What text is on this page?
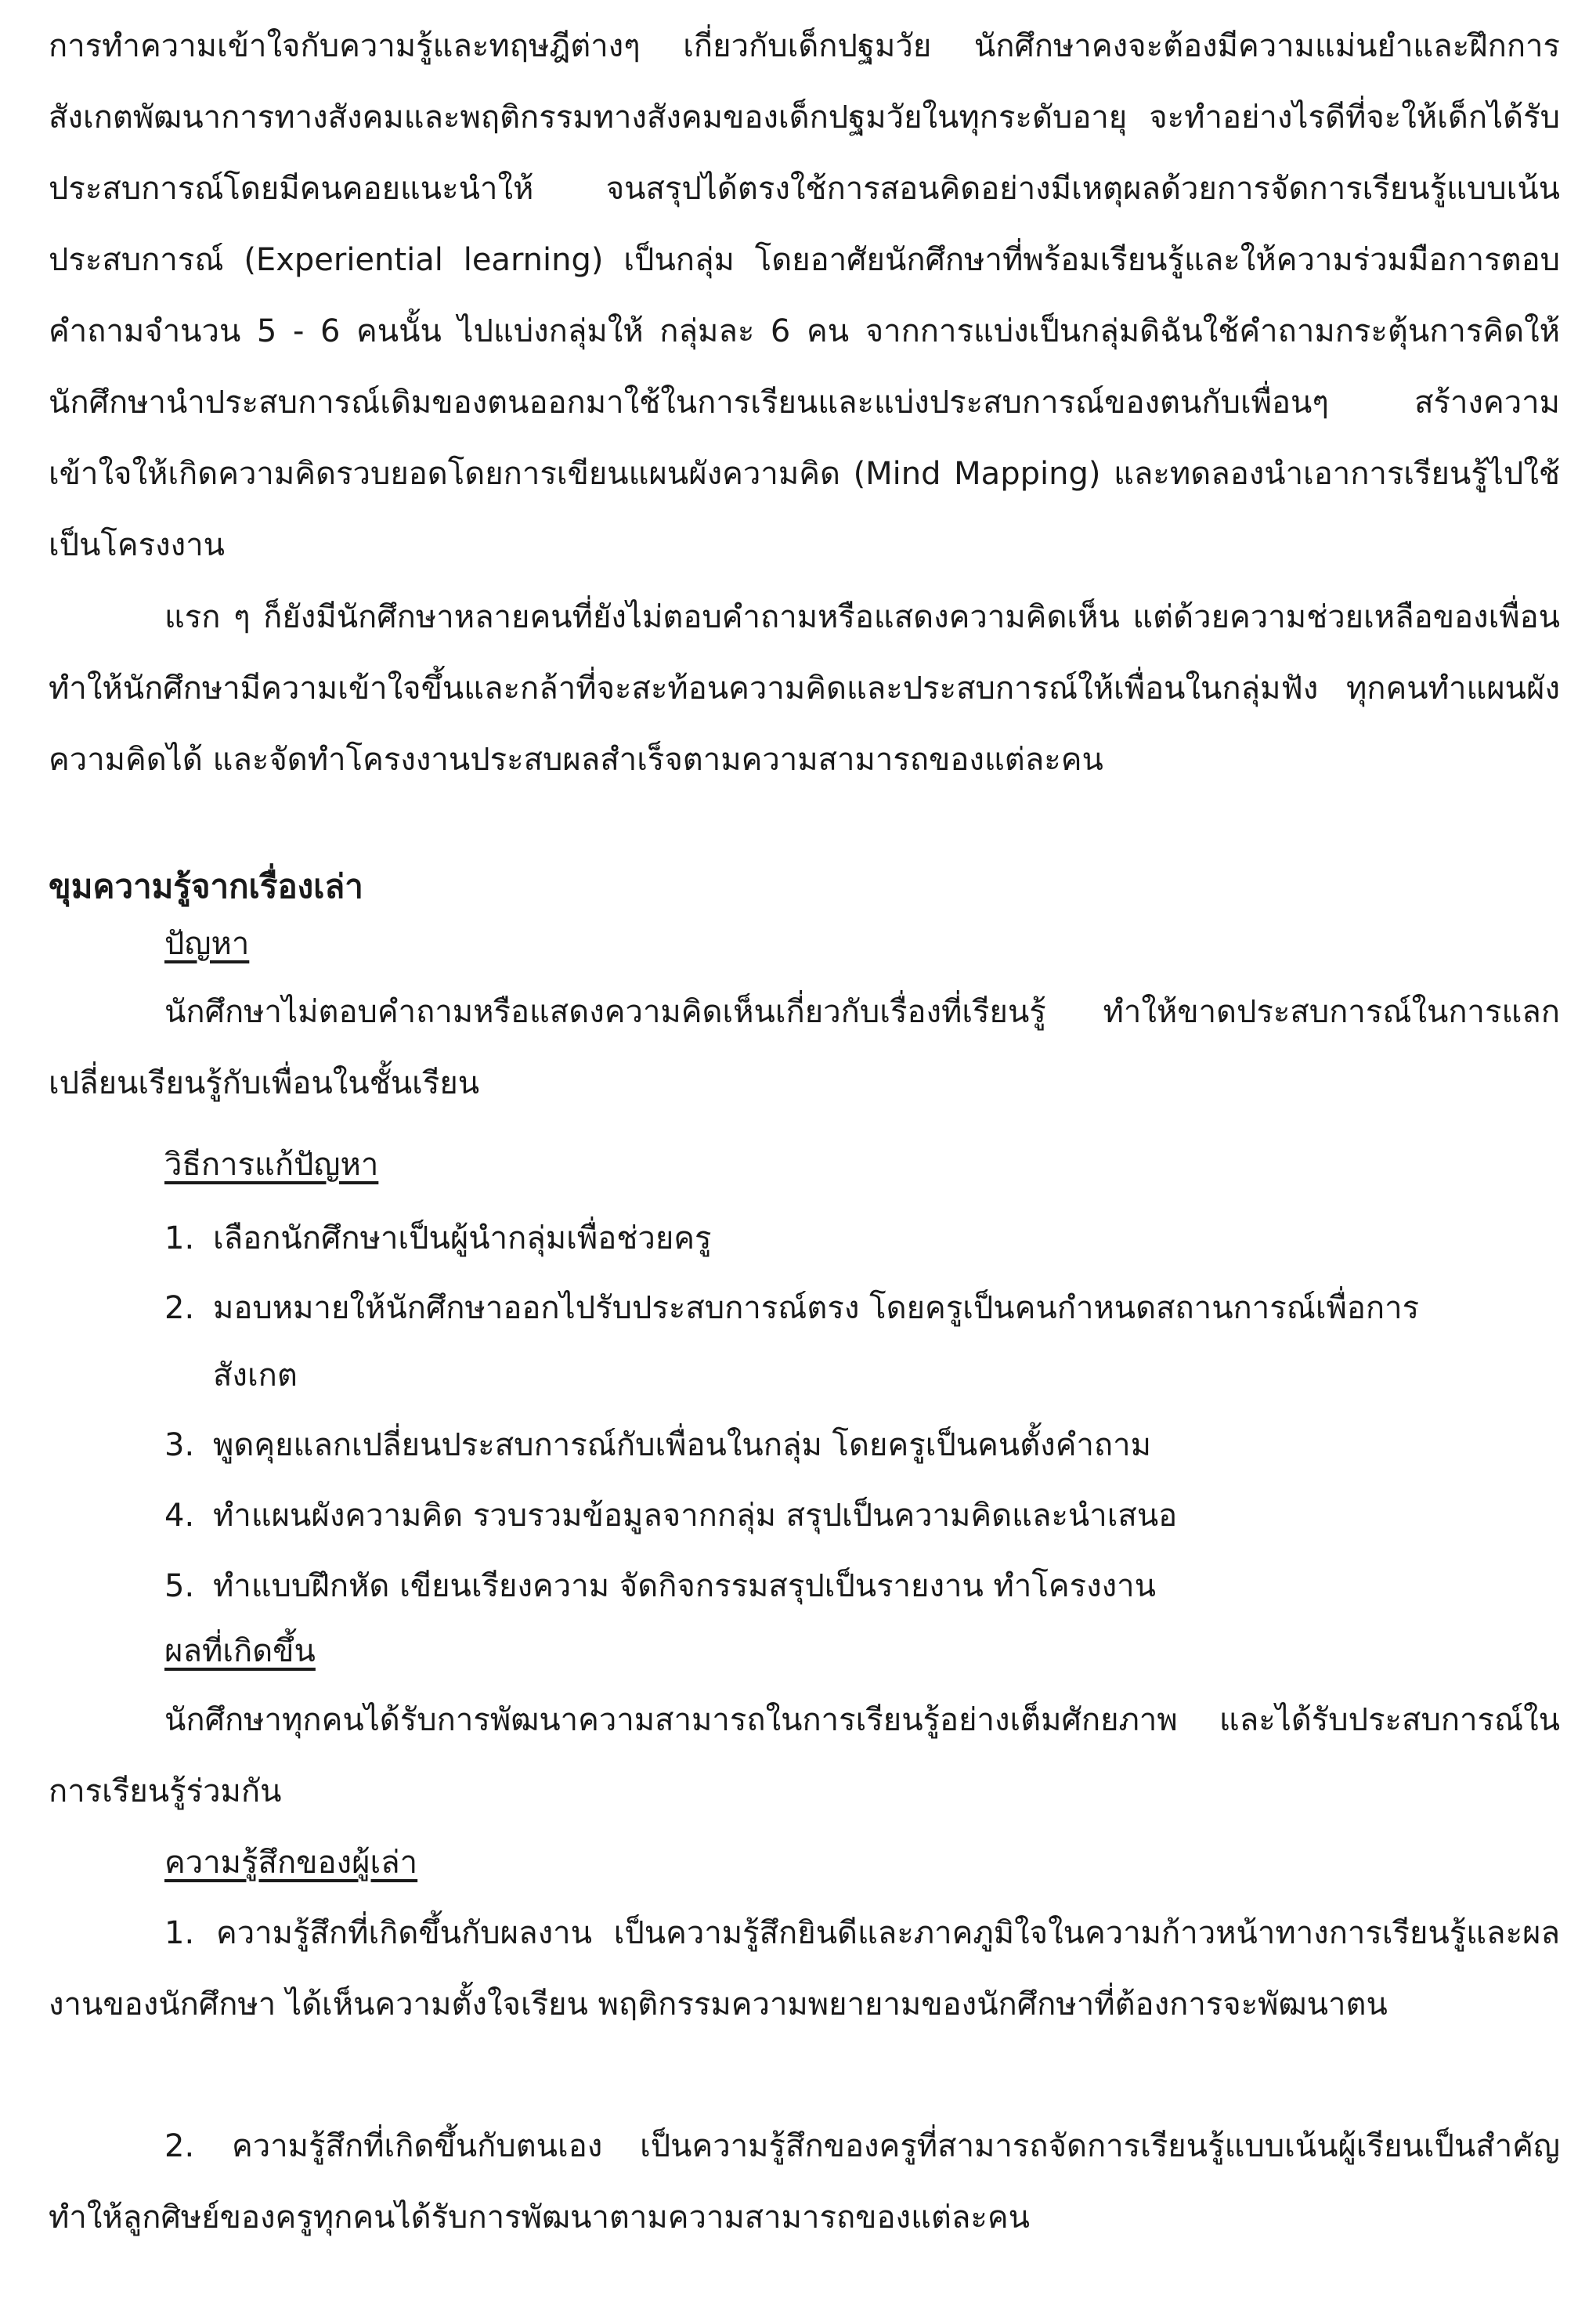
การทำความเข้าใจกับความรู้และทฤษฎีต่างๆ เกี่ยวกับเด็กปฐมวัย นักศึกษาคงจะต้องมีความแม่นยำและฝึกการสังเกตพัฒนาการทางสังคมและพฤติกรรมทางสังคมของเด็กปฐมวัยในทุกระดับอายุ จะทำอย่างไรดีที่จะให้เด็กได้รับประสบการณ์โดยมีคนคอยแนะนำให้ จนสรุปได้ตรงใช้การสอนคิดอย่างมีเหตุผลด้วยการจัดการเรียนรู้แบบเน้นประสบการณ์ (Experiential learning) เป็นกลุ่ม โดยอาศัยนักศึกษาที่พร้อมเรียนรู้และให้ความร่วมมือการตอบคำถามจำนวน 5 - 6 คนนั้น ไปแบ่งกลุ่มให้ กลุ่มละ 6 คน จากการแบ่งเป็นกลุ่มดิฉันใช้คำถามกระตุ้นการคิดให้นักศึกษานำประสบการณ์เดิมของตนออกมาใช้ในการเรียนและแบ่งประสบการณ์ของตนกับเพื่อนๆ สร้างความเข้าใจให้เกิดความคิดรวบยอดโดยการเขียนแผนผังความคิด (Mind Mapping) และทดลองนำเอาการเรียนรู้ไปใช้เป็นโครงงาน

แรก ๆ ก็ยังมีนักศึกษาหลายคนที่ยังไม่ตอบคำถามหรือแสดงความคิดเห็น แต่ด้วยความช่วยเหลือของเพื่อนทำให้นักศึกษามีความเข้าใจขึ้นและกล้าที่จะสะท้อนความคิดและประสบการณ์ให้เพื่อนในกลุ่มฟัง ทุกคนทำแผนผังความคิดได้ และจัดทำโครงงานประสบผลสำเร็จตามความสามารถของแต่ละคน

ขุมความรู้จากเรื่องเล่า

ปัญหา

นักศึกษาไม่ตอบคำถามหรือแสดงความคิดเห็นเกี่ยวกับเรื่องที่เรียนรู้ ทำให้ขาดประสบการณ์ในการแลกเปลี่ยนเรียนรู้กับเพื่อนในชั้นเรียน

วิธีการแก้ปัญหา

1. เลือกนักศึกษาเป็นผู้นำกลุ่มเพื่อช่วยครู

2. มอบหมายให้นักศึกษาออกไปรับประสบการณ์ตรง โดยครูเป็นคนกำหนดสถานการณ์เพื่อการ

สังเกต

3. พูดคุยแลกเปลี่ยนประสบการณ์กับเพื่อนในกลุ่ม โดยครูเป็นคนตั้งคำถาม

4. ทำแผนผังความคิด รวบรวมข้อมูลจากกลุ่ม สรุปเป็นความคิดและนำเสนอ

5. ทำแบบฝึกหัด เขียนเรียงความ จัดกิจกรรมสรุปเป็นรายงาน ทำโครงงาน

ผลที่เกิดขึ้น

นักศึกษาทุกคนได้รับการพัฒนาความสามารถในการเรียนรู้อย่างเต็มศักยภาพ และได้รับประสบการณ์ในการเรียนรู้ร่วมกัน

ความรู้สึกของผู้เล่า

1. ความรู้สึกที่เกิดขึ้นกับผลงาน เป็นความรู้สึกยินดีและภาคภูมิใจในความก้าวหน้าทางการเรียนรู้และผลงานของนักศึกษา ได้เห็นความตั้งใจเรียน พฤติกรรมความพยายามของนักศึกษาที่ต้องการจะพัฒนาตน

2. ความรู้สึกที่เกิดขึ้นกับตนเอง เป็นความรู้สึกของครูที่สามารถจัดการเรียนรู้แบบเน้นผู้เรียนเป็นสำคัญ ทำให้ลูกศิษย์ของครูทุกคนได้รับการพัฒนาตามความสามารถของแต่ละคน
